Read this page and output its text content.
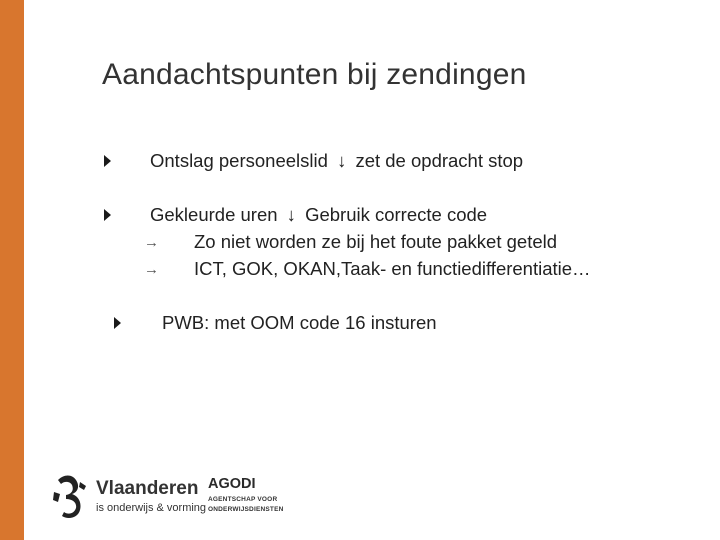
Aandachtspunten bij zendingen
Ontslag personeelslid ↓ zet de opdracht stop
Gekleurde uren ↓ Gebruik correcte code
→ Zo niet worden ze bij het foute pakket geteld
→ ICT, GOK, OKAN,Taak- en functiedifferentiatie…
PWB: met OOM code 16 insturen
Vlaanderen
is onderwijs & vorming
AGODI
AGENTSCHAP VOOR
ONDERWIJSDIENSTEN
